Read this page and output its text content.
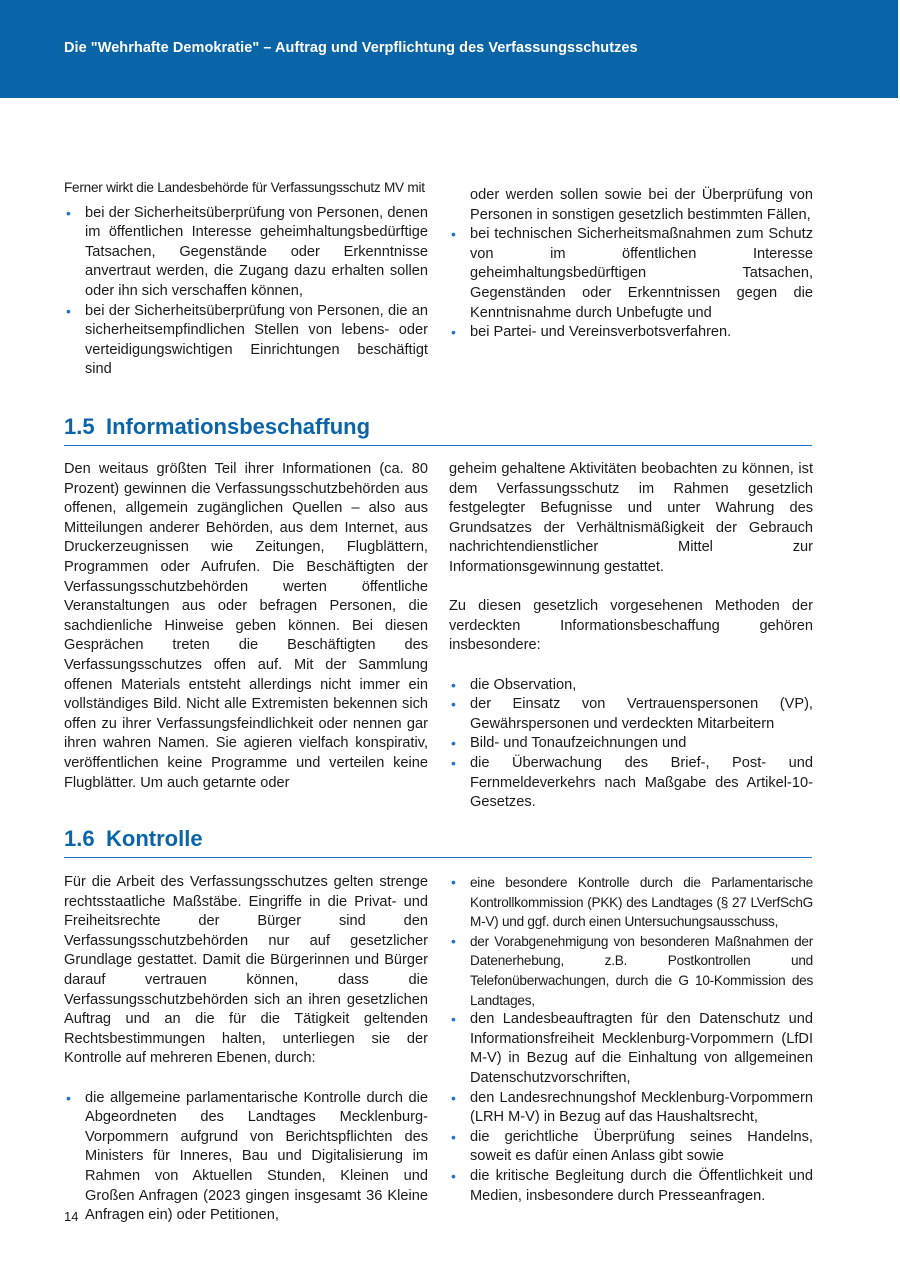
Die "Wehrhafte Demokratie" – Auftrag und Verpflichtung des Verfassungsschutzes

Ferner wirkt die Landesbehörde für Verfassungsschutz MV mit

• bei der Sicherheitsüberprüfung von Personen, denen im öffentlichen Interesse geheimhaltungsbedürftige Tatsachen, Gegenstände oder Erkenntnisse anvertraut werden, die Zugang dazu erhalten sollen oder ihn sich verschaffen können,
• bei der Sicherheitsüberprüfung von Personen, die an sicherheitsempfindlichen Stellen von lebens- oder verteidigungswichtigen Einrichtungen beschäftigt sind

oder werden sollen sowie bei der Überprüfung von Personen in sonstigen gesetzlich bestimmten Fällen,

• bei technischen Sicherheitsmaßnahmen zum Schutz von im öffentlichen Interesse geheimhaltungsbedürftigen Tatsachen, Gegenständen oder Erkenntnissen gegen die Kenntnisnahme durch Unbefugte und
• bei Partei- und Vereinsverbotsverfahren.
1.5 Informationsbeschaffung

Den weitaus größten Teil ihrer Informationen (ca. 80 Prozent) gewinnen die Verfassungsschutzbehörden aus offenen, allgemein zugänglichen Quellen – also aus Mitteilungen anderer Behörden, aus dem Internet, aus Druckerzeugnissen wie Zeitungen, Flugblättern, Programmen oder Aufrufen. Die Beschäftigten der Verfassungsschutzbehörden werten öffentliche Veranstaltungen aus oder befragen Personen, die sachdienliche Hinweise geben können. Bei diesen Gesprächen treten die Beschäftigten des Verfassungsschutzes offen auf. Mit der Sammlung offenen Materials entsteht allerdings nicht immer ein vollständiges Bild. Nicht alle Extremisten bekennen sich offen zu ihrer Verfassungsfeindlichkeit oder nennen gar ihren wahren Namen. Sie agieren vielfach konspirativ, veröffentlichen keine Programme und verteilen keine Flugblätter. Um auch getarnte oder

geheim gehaltene Aktivitäten beobachten zu können, ist dem Verfassungsschutz im Rahmen gesetzlich festgelegter Befugnisse und unter Wahrung des Grundsatzes der Verhältnismäßigkeit der Gebrauch nachrichtendienstlicher Mittel zur Informationsgewinnung gestattet.

Zu diesen gesetzlich vorgesehenen Methoden der verdeckten Informationsbeschaffung gehören insbesondere:

• die Observation,
• der Einsatz von Vertrauenspersonen (VP), Gewährspersonen und verdeckten Mitarbeitern
• Bild- und Tonaufzeichnungen und
• die Überwachung des Brief-, Post- und Fernmeldeverkehrs nach Maßgabe des Artikel-10-Gesetzes.
1.6 Kontrolle

Für die Arbeit des Verfassungsschutzes gelten strenge rechtsstaatliche Maßstäbe. Eingriffe in die Privat- und Freiheitsrechte der Bürger sind den Verfassungsschutzbehörden nur auf gesetzlicher Grundlage gestattet. Damit die Bürgerinnen und Bürger darauf vertrauen können, dass die Verfassungsschutzbehörden sich an ihren gesetzlichen Auftrag und an die für die Tätigkeit geltenden Rechtsbestimmungen halten, unterliegen sie der Kontrolle auf mehreren Ebenen, durch:

• die allgemeine parlamentarische Kontrolle durch die Abgeordneten des Landtages Mecklenburg-Vorpommern aufgrund von Berichtspflichten des Ministers für Inneres, Bau und Digitalisierung im Rahmen von Aktuellen Stunden, Kleinen und Großen Anfragen (2023 gingen insgesamt 36 Kleine Anfragen ein) oder Petitionen,
• eine besondere Kontrolle durch die Parlamentarische Kontrollkommission (PKK) des Landtages (§ 27 LVerfSchG M-V) und ggf. durch einen Untersuchungsausschuss,
• der Vorabgenehmigung von besonderen Maßnahmen der Datenerhebung, z.B. Postkontrollen und Telefonüberwachungen, durch die G 10-Kommission des Landtages,
• den Landesbeauftragten für den Datenschutz und Informationsfreiheit Mecklenburg-Vorpommern (LfDI M-V) in Bezug auf die Einhaltung von allgemeinen Datenschutzvorschriften,
• den Landesrechnungshof Mecklenburg-Vorpommern (LRH M-V) in Bezug auf das Haushaltsrecht,
• die gerichtliche Überprüfung seines Handelns, soweit es dafür einen Anlass gibt sowie
• die kritische Begleitung durch die Öffentlichkeit und Medien, insbesondere durch Presseanfragen.
14
